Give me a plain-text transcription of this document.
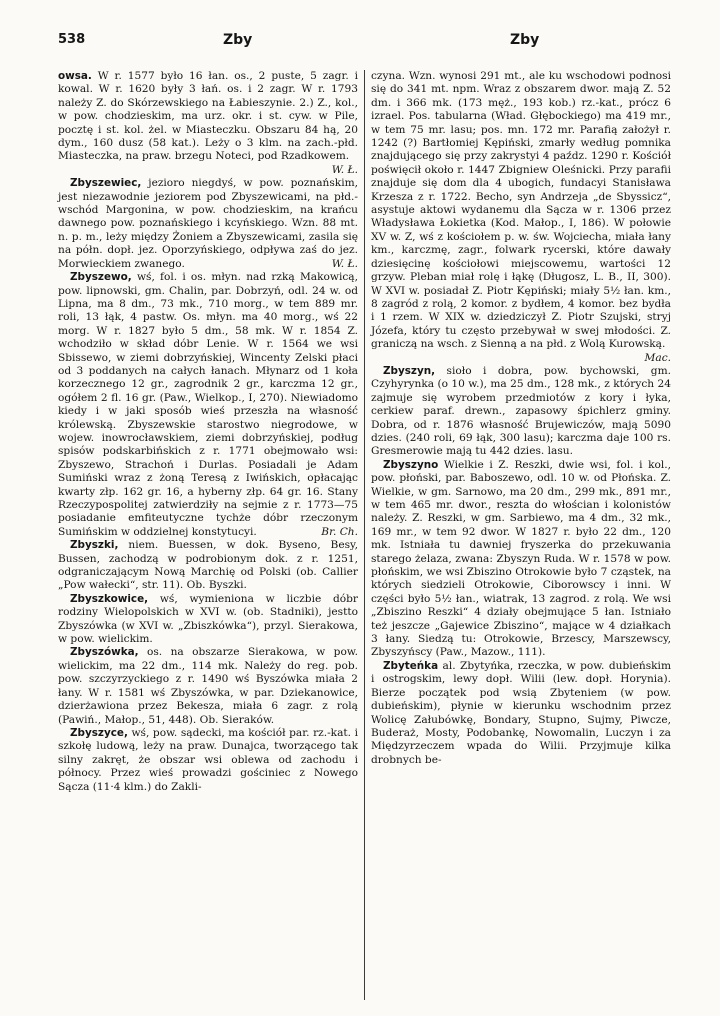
538	Zby	Zby

owsa. W r. 1577 było 16 łan. os., 2 puste, 5 zagr. i kowal. W r. 1620 były 3 łań. os. i 2 zagr. W r. 1793 należy Z. do Skórzewskiego na Łabieszynie. 2.) Z., kol., w pow. chodzieskim, ma urz. okr. i st. cyw. w Pile, pocztę i st. kol. żel. w Miasteczku. Obszaru 84 hą, 20 dym., 160 dusz (58 kat.). Leży o 3 klm. na zach.-płd. Miasteczka, na praw. brzegu Noteci, pod Rzadkowem.
W. Ł.

Zbyszewiec, jezioro niegdyś, w pow. poznańskim, jest niezawodnie jeziorem pod Zbyszewicami, na płd.-wschód Margonina, w pow. chodzieskim, na krańcu dawnego pow. poznańskiego i kcyńskiego. Wzn. 88 mt. n. p. m., leży między Żoniem a Zbyszewicami, zasila się na półn. dopł. jez. Oporzyńskiego, odpływa zaś do jez. Morwieckiem zwanego.	W. Ł.

Zbyszewo, wś, fol. i os. młyn. nad rzką Makowicą, pow. lipnowski, gm. Chalin, par. Dobrzyń, odl. 24 w. od Lipna, ma 8 dm., 73 mk., 710 morg., w tem 889 mr. roli, 13 łąk, 4 pastw. Os. młyn. ma 40 morg., wś 22 morg. W r. 1827 było 5 dm., 58 mk. W r. 1854 Z. wchodziło w skład dóbr Lenie. W r. 1564 we wsi Sbissewo, w ziemi dobrzyńskiej, Wincenty Zelski płaci od 3 poddanych na całych łanach. Młynarz od 1 koła korzecznego 12 gr., zagrodnik 2 gr., karczma 12 gr., ogółem 2 fl. 16 gr. (Paw., Wielkop., I, 270). Niewiadomo kiedy i w jaki sposób wieś przeszła na własność królewską. Zbyszewskie starostwo niegrodowe, w wojew. inowrocławskiem, ziemi dobrzyńskiej, podług spisów podskarbińskich z r. 1771 obejmowało wsi: Zbyszewo, Strachoń i Durlas. Posiadali je Adam Sumiński wraz z żoną Teresą z Iwińskich, opłacając kwarty złp. 162 gr. 16, a hyberny złp. 64 gr. 16. Stany Rzeczypospolitej zatwierdziły na sejmie z r. 1773—75 posiadanie emfiteutyczne tychże dóbr rzeczonym Sumińskim w oddzielnej konstytucyi.	Br. Ch.

Zbyszki, niem. Buessen, w dok. Byseno, Besy, Bussen, zachodzą w podrobionym dok. z r. 1251, odgraniczającym Nową Marchię od Polski (ob. Callier „Pow wałecki“, str. 11). Ob. Byszki.

Zbyszkowice, wś, wymieniona w liczbie dóbr rodziny Wielopolskich w XVI w. (ob. Stadniki), jestto Zbyszówka (w XVI w. „Zbiszkówka“), przyl. Sierakowa, w pow. wielickim.

Zbyszówka, os. na obszarze Sierakowa, w pow. wielickim, ma 22 dm., 114 mk. Należy do reg. pob. pow. szczyrzyckiego z r. 1490 wś Byszówka miała 2 łany. W r. 1581 wś Zbyszówka, w par. Dziekanowice, dzierżawiona przez Bekesza, miała 6 zagr. z rolą (Pawiń., Małop., 51, 448). Ob. Sieraków.

Zbyszyce, wś, pow. sądecki, ma kościół par. rz.-kat. i szkołę ludową, leży na praw. Dunajca, tworzącego tak silny zakręt, że obszar wsi oblewa od zachodu i północy. Przez wieś prowadzi gościniec z Nowego Sącza (11·4 klm.) do Zakli-

czyna. Wzn. wynosi 291 mt., ale ku wschodowi podnosi się do 341 mt. npm. Wraz z obszarem dwor. mają Z. 52 dm. i 366 mk. (173 męż., 193 kob.) rz.-kat., prócz 6 izrael. Pos. tabularna (Wład. Głębockiego) ma 419 mr., w tem 75 mr. lasu; pos. mn. 172 mr. Parafią założył r. 1242 (?) Bartłomiej Kępiński, zmarły według pomnika znajdującego się przy zakrystyi 4 paźdz. 1290 r. Kościół poświęcił około r. 1447 Zbigniew Oleśnicki. Przy parafii znajduje się dom dla 4 ubogich, fundacyi Stanisława Krzesza z r. 1722. Becho, syn Andrzeja „de Sbyssicz“, asystuje aktowi wydanemu dla Sącza w r. 1306 przez Władysława Łokietka (Kod. Małop., I, 186). W połowie XV w. Z, wś z kościołem p. w. św. Wojciecha, miała łany km., karczmę, zagr., folwark rycerski, które dawały dziesięcinę kościołowi miejscowemu, wartości 12 grzyw. Pleban miał rolę i łąkę (Długosz, L. B., II, 300). W XVI w. posiadał Z. Piotr Kępiński; miały 5½ łan. km., 8 zagród z rolą, 2 komor. z bydłem, 4 komor. bez bydła i 1 rzem. W XIX w. dziedziczył Z. Piotr Szujski, stryj Józefa, który tu często przebywał w swej młodości. Z. graniczą na wsch. z Sienną a na płd. z Wolą Kurowską.
Mac.

Zbyszyn, sioło i dobra, pow. bychowski, gm. Czyhyrynka (o 10 w.), ma 25 dm., 128 mk., z których 24 zajmuje się wyrobem przedmiotów z kory i łyka, cerkiew paraf. drewn., zapasowy śpichlerz gminy. Dobra, od r. 1876 własność Brujewiczów, mają 5090 dzies. (240 roli, 69 łąk, 300 lasu); karczma daje 100 rs. Gresmerowie mają tu 442 dzies. lasu.

Zbyszyno Wielkie i Z. Reszki, dwie wsi, fol. i kol., pow. płoński, par. Baboszewo, odl. 10 w. od Płońska. Z. Wielkie, w gm. Sarnowo, ma 20 dm., 299 mk., 891 mr., w tem 465 mr. dwor., reszta do włościan i kolonistów należy. Z. Reszki, w gm. Sarbiewo, ma 4 dm., 32 mk., 169 mr., w tem 92 dwor. W 1827 r. było 22 dm., 120 mk. Istniała tu dawniej fryszerka do przekuwania starego żelaza, zwana: Zbyszyn Ruda. W r. 1578 w pow. płońskim, we wsi Zbiszino Otrokowie było 7 cząstek, na których siedzieli Otrokowie, Ciborowscy i inni. W części było 5½ łan., wiatrak, 13 zagrod. z rolą. We wsi „Zbiszino Reszki“ 4 działy obejmujące 5 łan. Istniało też jeszcze „Gajewice Zbiszino“, mające w 4 działkach 3 łany. Siedzą tu: Otrokowie, Brzescy, Marszewscy, Zbyszyńscy (Paw., Mazow., 111).

Zbyteńka al. Zbytyńka, rzeczka, w pow. dubieńskim i ostrogskim, lewy dopł. Wilii (lew. dopł. Horynia). Bierze początek pod wsią Zbyteniem (w pow. dubieńskim), płynie w kierunku wschodnim przez Wolicę Załubówkę, Bondary, Stupno, Sujmy, Piwcze, Buderaż, Mosty, Podobankę, Nowomalin, Luczyn i za Międzyrzeczem wpada do Wilii. Przyjmuje kilka drobnych be-
